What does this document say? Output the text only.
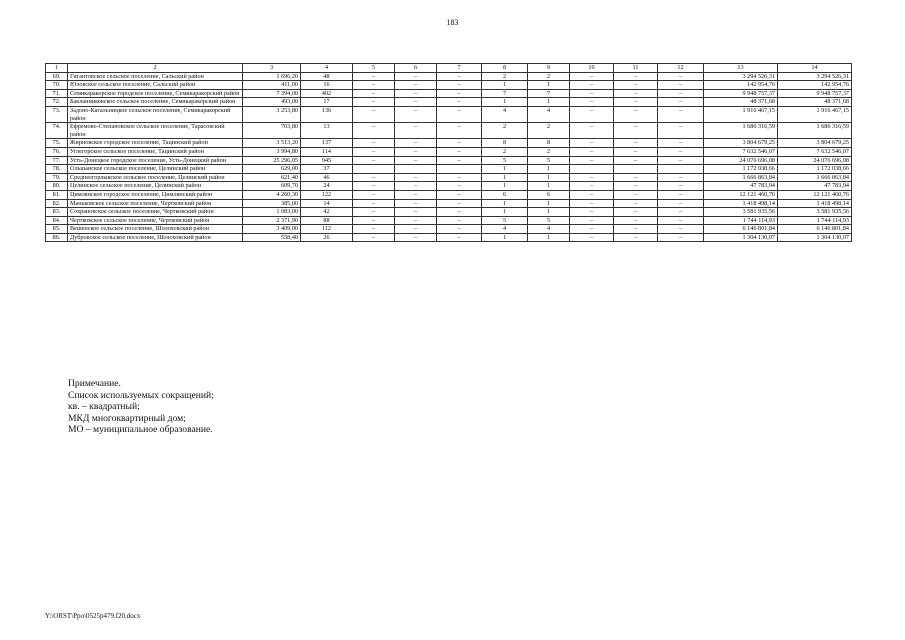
183
1	2	3	4	5	6	7	8	9	10	11	12	13	14
69.	Гигантовское сельское поселение, Сальский район	1 696,20	48	–	–	–	2	2	–	–	–	3 294 526,31	3 294 526,31
70.	Юловское сельское поселение, Сальский район	411,00	16	–	–	–	1	1	–	–	–	142 954,76	142 954,76
71.	Семикаракорское городское поселение, Семикаракорский район	7 394,00	402	–	–	–	7	7	–	–	–	9 948 757,37	9 948 757,37
72.	Бакланниковское сельское поселение, Семикаракорский район	493,00	17	–	–	–	1	1	–	–	–	48 371,68	48 371,68
73.	Задоно-Кагальницкое сельское поселение, Семикаракорский район	3 253,80	136	–	–	–	4	4	–	–	–	1 916 467,15	1 916 467,15
74.	Ефремово-Степановское сельское поселение, Тарасовский район	703,80	13	–	–	–	2	2	–	–	–	1 686 316,59	1 686 316,59
75.	Жирновское городское поселение, Тацинский район	3 513,20	137	–	–	–	8	8	–	–	–	3 804 679,25	3 804 679,25
76.	Углегорское сельское поселение, Тацинский район	3 994,80	114	–	–	–	2	2	–	–	–	7 632 546,07	7 632 546,07
77.	Усть-Донецкое городское поселение, Усть-Донецкий район	25 296,05	945	–	–	–	5	5	–	–	–	24 076 696,08	24 076 696,08
78.	Ольшанское сельское поселение, Целинский район	629,00	37				1	1				1 172 038,66	1 172 038,66
79.	Среднеегорлыкское сельское поселение, Целинский район	621,40	46	–	–	–	1	1	–	–	–	1 666 863,84	1 666 863,84
80.	Целинское сельское поселение, Целинский район	609,70	24	–	–	–	1	1	–	–	–	47 783,94	47 783,94
81.	Цимлянское городское поселение, Цимлянский район	4 260,30	122	–	–	–	6	6	–	–	–	12 121 460,76	12 121 460,76
82.	Маньковское сельское поселение, Чертковский район	385,00	14	–	–	–	1	1	–	–	–	1 418 498,14	1 418 498,14
83.	Сохрановское сельское поселение, Чертковский район	1 083,00	42	–	–	–	1	1	–	–	–	3 581 935,56	3 581 935,56
84.	Чертковское сельское поселение, Чертковский район	2 371,90	88	–	–	–	5	5	–	–	–	1 744 114,93	1 744 114,93
85.	Вешенское сельское поселение, Шолоховский район	3 409,00	112	–	–	–	4	4	–	–	–	6 146 801,84	6 146 801,84
86.	Дубровское сельское поселение, Шолоховский район	558,40	26	–	–	–	1	1	–	–	–	1 304 130,07	1 304 130,07
Примечание.
Список используемых сокращений;
кв. – квадратный;
МКД многоквартирный дом;
МО – муниципальное образование.
Y:\ORST\Ppo\0525p479.f20.docx
